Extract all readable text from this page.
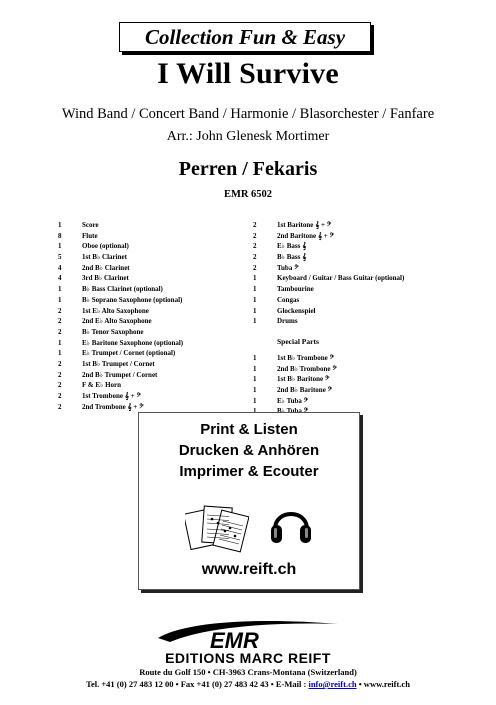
Collection Fun & Easy
I Will Survive
Wind Band / Concert Band / Harmonie / Blasorchester / Fanfare
Arr.: John Glenesk Mortimer
Perren / Fekaris
EMR 6502
1	Score
8	Flute
1	Oboe (optional)
5	1st B♭ Clarinet
4	2nd B♭ Clarinet
4	3rd B♭ Clarinet
1	B♭ Bass Clarinet (optional)
1	B♭ Soprano Saxophone (optional)
2	1st E♭ Alto Saxophone
2	2nd E♭ Alto Saxophone
2	B♭ Tenor Saxophone
1	E♭ Baritone Saxophone (optional)
1	E♭ Trumpet / Cornet (optional)
2	1st B♭ Trumpet / Cornet
2	2nd B♭ Trumpet / Cornet
2	F & E♭ Horn
2	1st Trombone 𝄞 + 𝄢
2	2nd Trombone 𝄞 + 𝄢
2	1st Baritone 𝄞 + 𝄢
2	2nd Baritone 𝄞 + 𝄢
2	E♭ Bass 𝄞
2	B♭ Bass 𝄞
2	Tuba 𝄢
1	Keyboard / Guitar / Bass Guitar (optional)
1	Tambourine
1	Congas
1	Glockenspiel
1	Drums
Special Parts
1	1st B♭ Trombone 𝄢
1	2nd B♭ Trombone 𝄢
1	1st B♭ Baritone 𝄢
1	2nd B♭ Baritone 𝄢
1	E♭ Tuba 𝄢
Print & Listen
Drucken & Anhören
Imprimer & Ecouter
www.reift.ch
EMR
EDITIONS MARC REIFT
Route du Golf 150 • CH-3963 Crans-Montana (Switzerland)
Tel. +41 (0) 27 483 12 00 • Fax +41 (0) 27 483 42 43 • E-Mail : info@reift.ch • www.reift.ch
